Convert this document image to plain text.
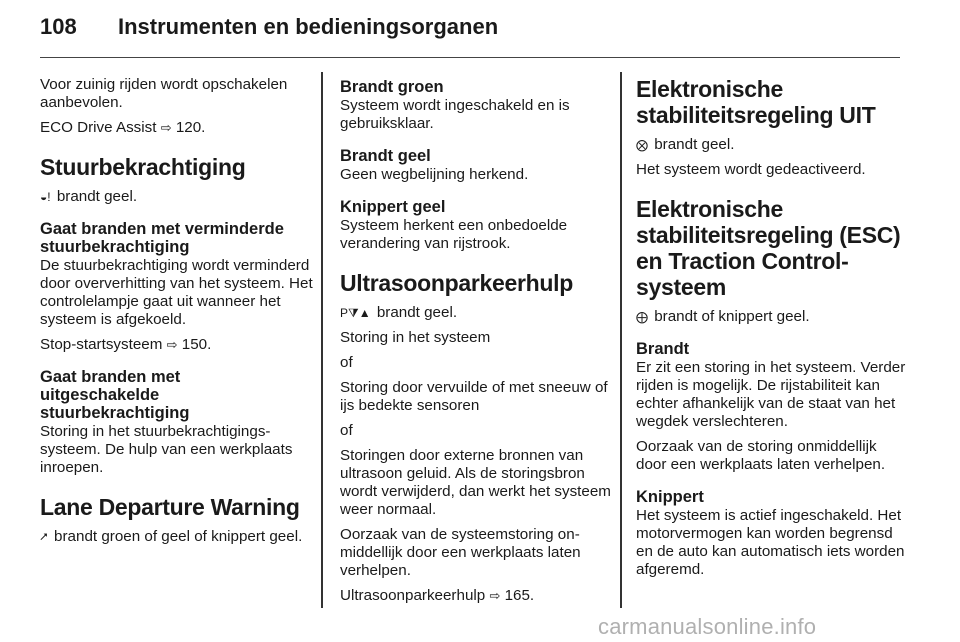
108 Instrumenten en bedieningsorganen

Voor zuinig rijden wordt opschakelen aanbevolen.

ECO Drive Assist ⇨ 120.

Stuurbekrachtiging

◒! brandt geel.

Gaat branden met verminderde stuurbekrachtiging

De stuurbekrachtiging wordt verminderd door oververhitting van het systeem. Het controlelampje gaat uit wanneer het systeem is afgekoeld.

Stop-startsysteem ⇨ 150.

Gaat branden met
uitgeschakelde
stuurbekrachtiging

Storing in het stuurbekrachtigingssysteem. De hulp van een werkplaats inroepen.

Lane Departure Warning

⭧ brandt groen of geel of knippert geel.

Brandt groen

Systeem wordt ingeschakeld en is gebruiksklaar.

Brandt geel

Geen wegbelijning herkend.

Knippert geel

Systeem herkent een onbedoelde verandering van rijstrook.

Ultrasoonparkeerhulp

P⧩▲ brandt geel.

Storing in het systeem

of

Storing door vervuilde of met sneeuw of ijs bedekte sensoren

of

Storingen door externe bronnen van ultrasoon geluid. Als de storingsbron wordt verwijderd, dan werkt het systeem weer normaal.

Oorzaak van de systeemstoring onmiddellijk door een werkplaats laten verhelpen.

Ultrasoonparkeerhulp ⇨ 165.

Elektronische stabiliteitsregeling UIT

⨂ brandt geel.

Het systeem wordt gedeactiveerd.

Elektronische stabiliteitsregeling (ESC) en Traction Control-systeem

⨁ brandt of knippert geel.

Brandt

Er zit een storing in het systeem. Verder rijden is mogelijk. De rijstabiliteit kan echter afhankelijk van de staat van het wegdek verslechteren.

Oorzaak van de storing onmiddellijk door een werkplaats laten verhelpen.

Knippert

Het systeem is actief ingeschakeld. Het motorvermogen kan worden begrensd en de auto kan automatisch iets worden afgeremd.

carmanualsonline.info
